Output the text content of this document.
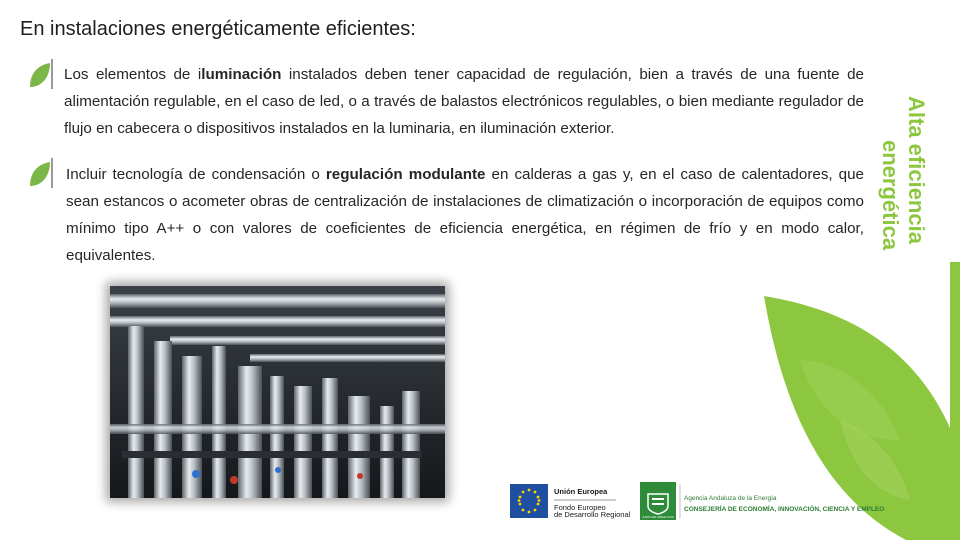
En instalaciones energéticamente eficientes:
Los elementos de iluminación instalados deben tener capacidad de regulación, bien a través de una fuente de alimentación regulable, en el caso de led, o a través de balastos electrónicos regulables, o bien mediante regulador de flujo en cabecera o dispositivos instalados en la luminaria, en iluminación exterior.
Incluir tecnología de condensación o regulación modulante en calderas a gas y, en el caso de calentadores, que sean estancos o acometer obras de centralización de instalaciones de climatización o incorporación de equipos como mínimo tipo A++ o con valores de coeficientes de eficiencia energética, en régimen de frío y en modo calor, equivalentes.
Alta eficiencia
energética
Unión Europea
Fondo Europeo
de Desarrollo Regional	JUNTA DE ANDALUCIA
Agencia Andaluza de la Energía
CONSEJERÍA DE ECONOMÍA, INNOVACIÓN, CIENCIA Y EMPLEO
